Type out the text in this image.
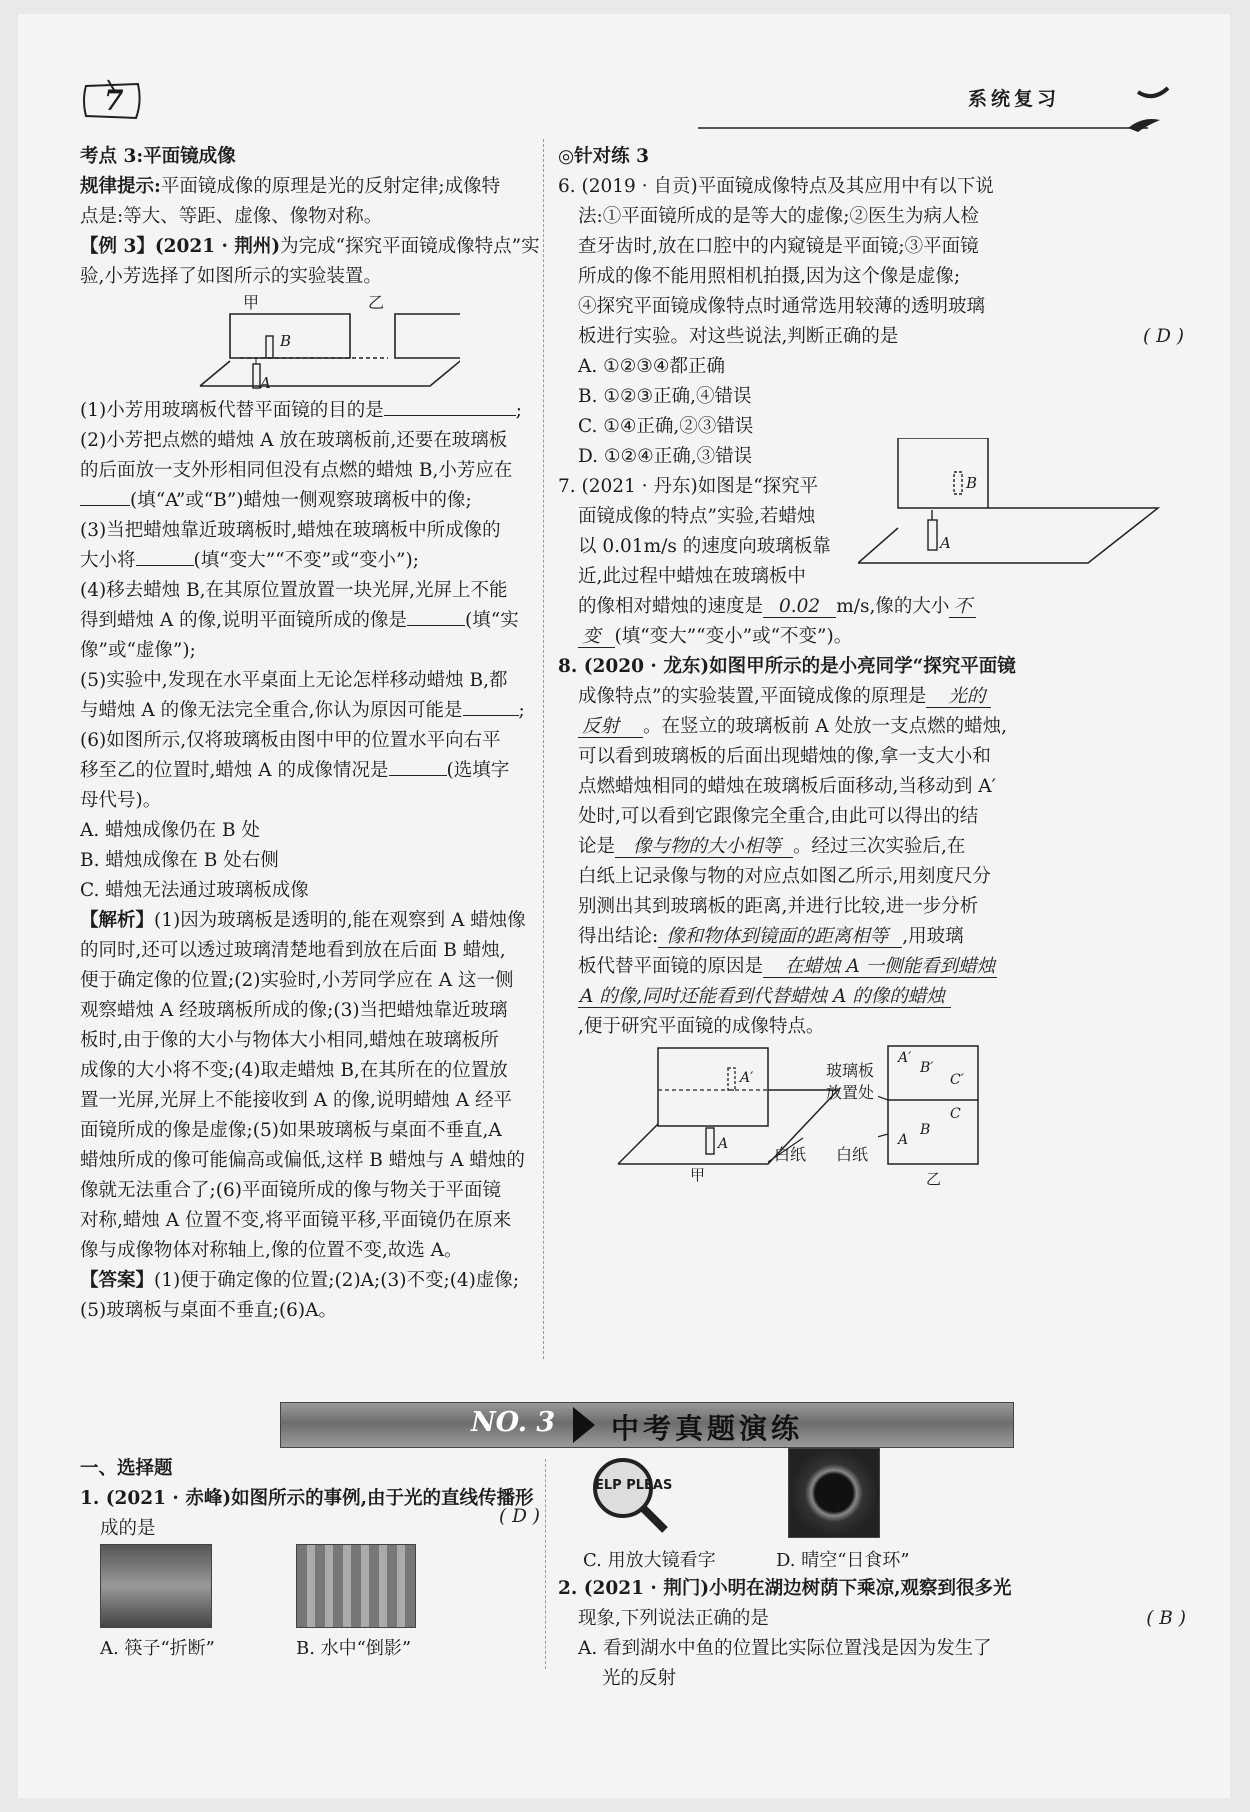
7	系统复习
考点 3:平面镜成像
规律提示:平面镜成像的原理是光的反射定律;成像特
点是:等大、等距、虚像、像物对称。
【例 3】(2021 · 荆州)为完成“探究平面镜成像特点”实
验,小芳选择了如图所示的实验装置。
甲	乙
B
A
(1)小芳用玻璃板代替平面镜的目的是	;
(2)小芳把点燃的蜡烛 A 放在玻璃板前,还要在玻璃板
的后面放一支外形相同但没有点燃的蜡烛 B,小芳应在
(填“A”或“B”)蜡烛一侧观察玻璃板中的像;
(3)当把蜡烛靠近玻璃板时,蜡烛在玻璃板中所成像的
大小将	(填“变大”“不变”或“变小”);
(4)移去蜡烛 B,在其原位置放置一块光屏,光屏上不能
得到蜡烛 A 的像,说明平面镜所成的像是	(填“实
像”或“虚像”);
(5)实验中,发现在水平桌面上无论怎样移动蜡烛 B,都
与蜡烛 A 的像无法完全重合,你认为原因可能是	;
(6)如图所示,仅将玻璃板由图中甲的位置水平向右平
移至乙的位置时,蜡烛 A 的成像情况是	(选填字
母代号)。
A. 蜡烛成像仍在 B 处
B. 蜡烛成像在 B 处右侧
C. 蜡烛无法通过玻璃板成像
【解析】(1)因为玻璃板是透明的,能在观察到 A 蜡烛像
的同时,还可以透过玻璃清楚地看到放在后面 B 蜡烛,
便于确定像的位置;(2)实验时,小芳同学应在 A 这一侧
观察蜡烛 A 经玻璃板所成的像;(3)当把蜡烛靠近玻璃
板时,由于像的大小与物体大小相同,蜡烛在玻璃板所
成像的大小将不变;(4)取走蜡烛 B,在其所在的位置放
置一光屏,光屏上不能接收到 A 的像,说明蜡烛 A 经平
面镜所成的像是虚像;(5)如果玻璃板与桌面不垂直,A
蜡烛所成的像可能偏高或偏低,这样 B 蜡烛与 A 蜡烛的
像就无法重合了;(6)平面镜所成的像与物关于平面镜
对称,蜡烛 A 位置不变,将平面镜平移,平面镜仍在原来
像与成像物体对称轴上,像的位置不变,故选 A。
【答案】(1)便于确定像的位置;(2)A;(3)不变;(4)虚像;
(5)玻璃板与桌面不垂直;(6)A。
◎针对练 3
6. (2019 · 自贡)平面镜成像特点及其应用中有以下说
法:①平面镜所成的是等大的虚像;②医生为病人检
查牙齿时,放在口腔中的内窥镜是平面镜;③平面镜
所成的像不能用照相机拍摄,因为这个像是虚像;
④探究平面镜成像特点时通常选用较薄的透明玻璃
板进行实验。对这些说法,判断正确的是	( D )
A. ①②③④都正确
B. ①②③正确,④错误
C. ①④正确,②③错误
D. ①②④正确,③错误
7. (2021 · 丹东)如图是“探究平
面镜成像的特点”实验,若蜡烛
以 0.01m/s 的速度向玻璃板靠
近,此过程中蜡烛在玻璃板中
的像相对蜡烛的速度是 0.02 m/s,像的大小 不
变 (填“变大”“变小”或“不变”)。
B
A
8. (2020 · 龙东)如图甲所示的是小亮同学“探究平面镜
成像特点”的实验装置,平面镜成像的原理是 光的
反射 。在竖立的玻璃板前 A 处放一支点燃的蜡烛,
可以看到玻璃板的后面出现蜡烛的像,拿一支大小和
点燃蜡烛相同的蜡烛在玻璃板后面移动,当移动到 A′
处时,可以看到它跟像完全重合,由此可以得出的结
论是 像与物的大小相等 。经过三次实验后,在
白纸上记录像与物的对应点如图乙所示,用刻度尺分
别测出其到玻璃板的距离,并进行比较,进一步分析
得出结论: 像和物体到镜面的距离相等 ,用玻璃
板代替平面镜的原因是 在蜡烛 A 一侧能看到蜡烛
A 的像,同时还能看到代替蜡烛 A 的像的蜡烛
,便于研究平面镜的成像特点。
A′
A
白纸
甲
玻璃板
放置处
白纸
A′
B′
C′
C
B
A
乙
NO. 3 中考真题演练
一、选择题
1. (2021 · 赤峰)如图所示的事例,由于光的直线传播形
成的是
( D )
A. 筷子“折断”	B. 水中“倒影”
ELP PLEAS
C. 用放大镜看字	D. 晴空“日食环”
2. (2021 · 荆门)小明在湖边树荫下乘凉,观察到很多光
现象,下列说法正确的是	( B )
A. 看到湖水中鱼的位置比实际位置浅是因为发生了
光的反射
